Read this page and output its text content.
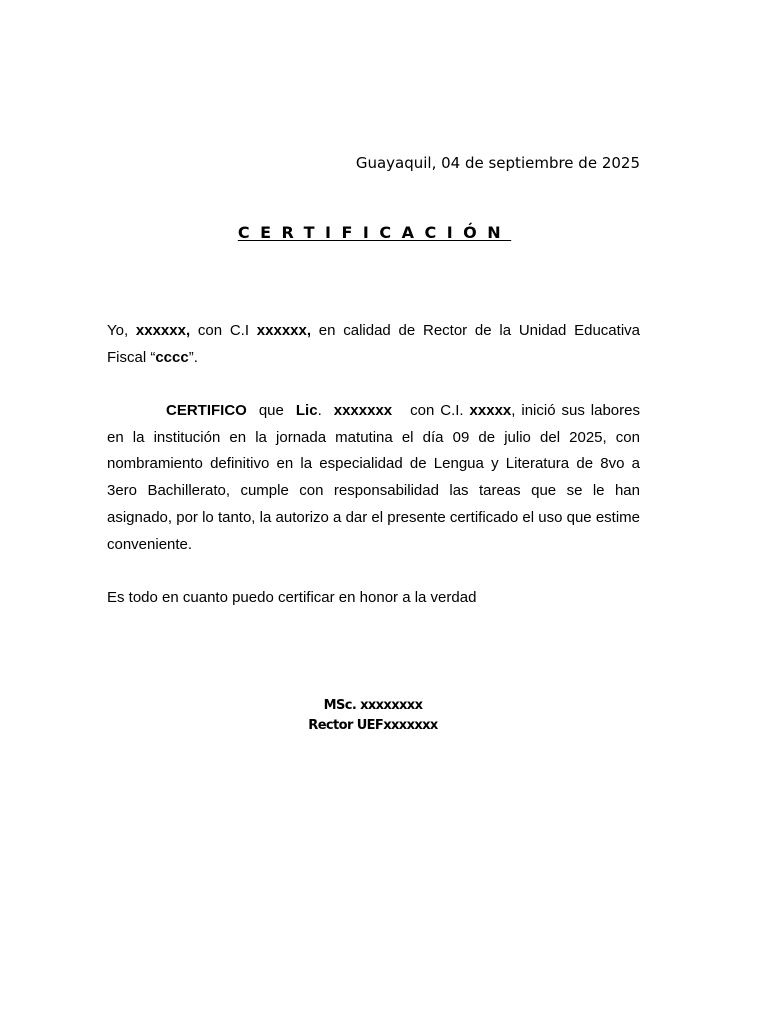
Guayaquil, 04 de septiembre de 2025
CERTIFICACIÓN
Yo, xxxxxx, con C.I xxxxxx, en calidad de Rector de la Unidad Educativa Fiscal “cccc”.
CERTIFICO que Lic. xxxxxxx con C.I. xxxxx, inició sus labores en la institución en la jornada matutina el día 09 de julio del 2025, con nombramiento definitivo en la especialidad de Lengua y Literatura de 8vo a 3ero Bachillerato, cumple con responsabilidad las tareas que se le han asignado, por lo tanto, la autorizo a dar el presente certificado el uso que estime conveniente.
Es todo en cuanto puedo certificar en honor a la verdad
MSc. xxxxxxxx
Rector UEFxxxxxxx
